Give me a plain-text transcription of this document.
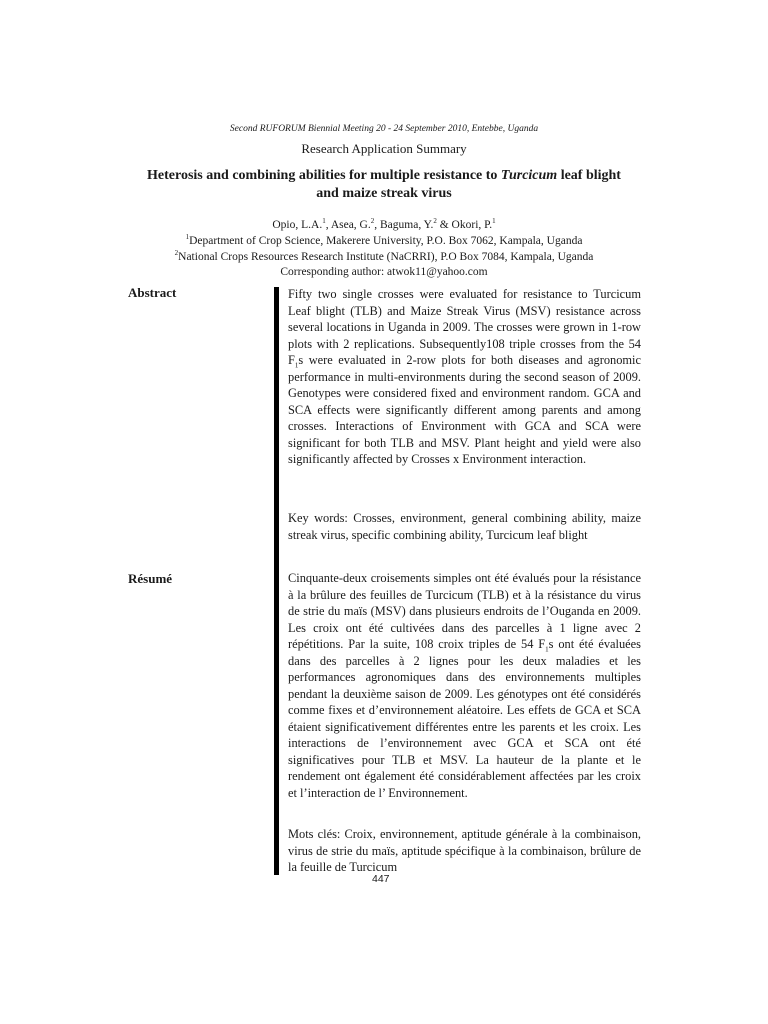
Second RUFORUM Biennial Meeting 20 - 24 September 2010, Entebbe, Uganda
Research Application Summary
Heterosis and combining abilities for multiple resistance to Turcicum leaf blight
and maize streak virus
Opio, L.A.$^1$, Asea, G.$^2$, Baguma, Y.$^2$ & Okori, P.$^1$
$^1$Department of Crop Science, Makerere University, P.O. Box 7062, Kampala, Uganda
$^2$National Crops Resources Research Institute (NaCRRI), P.O Box 7084, Kampala, Uganda
Corresponding author: atwok11@yahoo.com
Abstract	Fifty two single crosses were evaluated for resistance to Turcicum Leaf blight (TLB) and Maize Streak Virus (MSV) resistance across several locations in Uganda in 2009. The crosses were grown in 1-row plots with 2 replications. Subsequently108 triple crosses from the 54 $F_1s$ were evaluated in 2-row plots for both diseases and agronomic performance in multi-environments during the second season of 2009. Genotypes were considered fixed and environment random. GCA and SCA effects were significantly different among parents and among crosses. Interactions of Environment with GCA and SCA were significant for both TLB and MSV. Plant height and yield were also significantly affected by Crosses x Environment interaction.
Key words: Crosses, environment, general combining ability, maize streak virus, specific combining ability, Turcicum leaf blight
Résumé	Cinquante-deux croisements simples ont été évalués pour la résistance à la brûlure des feuilles de Turcicum (TLB) et à la résistance du virus de strie du maïs (MSV) dans plusieurs endroits de l’Ouganda en 2009. Les croix ont été cultivées dans des parcelles à 1 ligne avec 2 répétitions. Par la suite, 108 croix triples de 54 $F_1s$ ont été évaluées dans des parcelles à 2 lignes pour les deux maladies et les performances agronomiques dans des environnements multiples pendant la deuxième saison de 2009. Les génotypes ont été considérés comme fixes et d’environnement aléatoire. Les effets de GCA et SCA étaient significativement différentes entre les parents et les croix. Les interactions de l’environnement avec GCA et SCA ont été significatives pour TLB et MSV. La hauteur de la plante et le rendement ont également été considérablement affectées par les croix et l’interaction de l’ Environnement.
Mots clés: Croix, environnement, aptitude générale à la combinaison, virus de strie du maïs, aptitude spécifique à la combinaison, brûlure de la feuille de Turcicum
447
